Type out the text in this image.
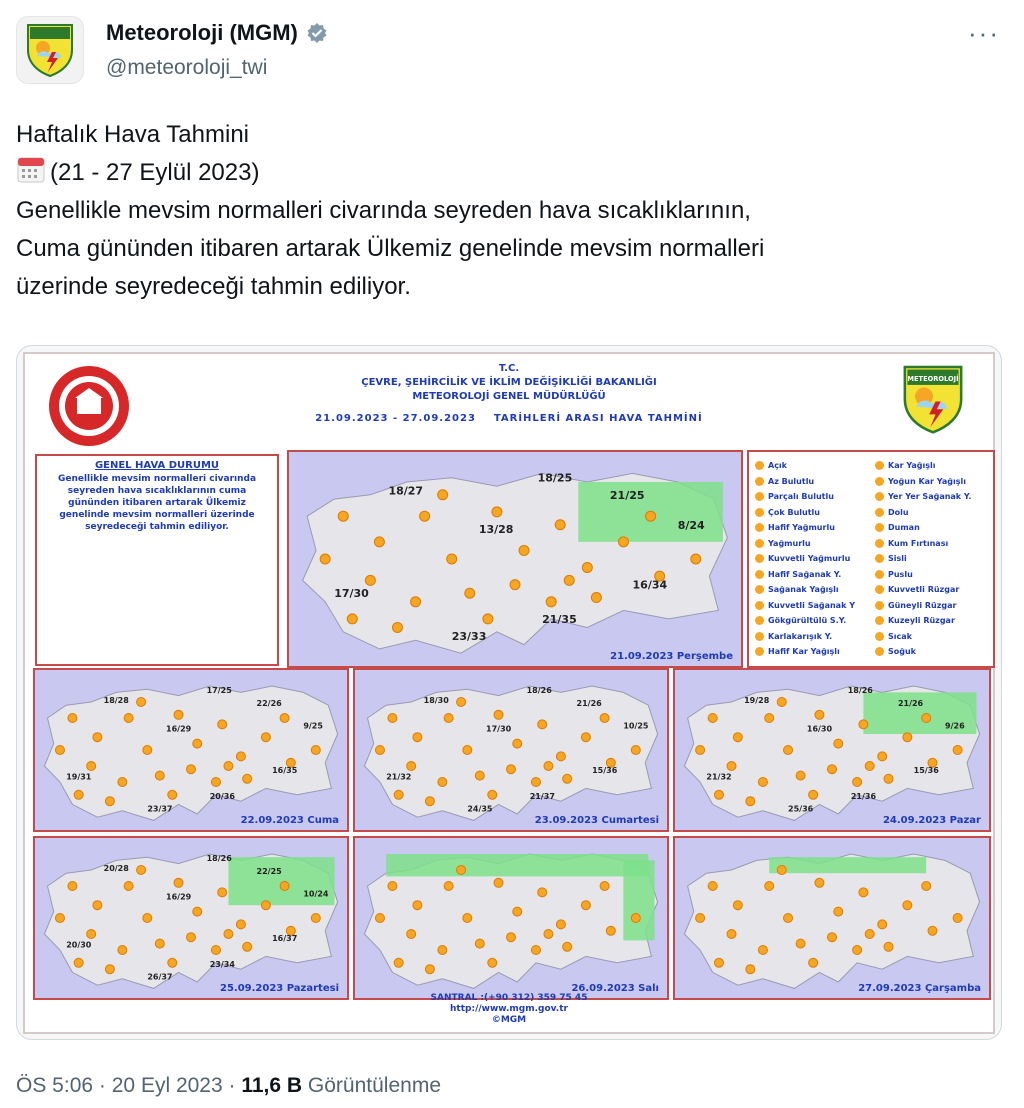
Meteoroloji (MGM)
@meteoroloji_twi
···
Haftalık Hava Tahmini
(21 - 27 Eylül 2023)
Genellikle mevsim normalleri civarında seyreden hava sıcaklıklarının,
Cuma gününden itibaren artarak Ülkemiz genelinde mevsim normalleri
üzerinde seyredeceği tahmin ediliyor.
T.C.
ÇEVRE, ŞEHİRCİLİK VE İKLİM DEĞİŞİKLİĞİ BAKANLIĞI
METEOROLOJİ GENEL MÜDÜRLÜĞÜ
21.09.2023 - 27.09.2023 TARİHLERİ ARASI HAVA TAHMİNİ
METEOROLOJİ
GENEL HAVA DURUMU
Genellikle mevsim normalleri civarında seyreden hava sıcaklıklarının cuma gününden itibaren artarak Ülkemiz genelinde mevsim normalleri üzerinde seyredeceği tahmin ediliyor.
18/27
18/25
21/25
13/28	8/24
17/30
16/34
21/35
23/33
21.09.2023 Perşembe
Açık
Az Bulutlu
Parçalı Bulutlu
Çok Bulutlu
Hafif Yağmurlu
Yağmurlu
Kuvvetli Yağmurlu
Hafif Sağanak Y.
Sağanak Yağışlı
Kuvvetli Sağanak Y
Gökgürültülü S.Y.
Karlakarışık Y.
Hafif Kar Yağışlı
Kar Yağışlı
Yoğun Kar Yağışlı
Yer Yer Sağanak Y.
Dolu
Duman
Kum Fırtınası
Sisli
Puslu
Kuvvetli Rüzgar
Güneyli Rüzgar
Kuzeyli Rüzgar
Sıcak
Soğuk
18/28
17/25
22/26
16/29	9/25
19/31
16/35
20/36
23/37
22.09.2023 Cuma
18/30
18/26
21/26
17/30	10/25
21/32
15/36
21/37
24/35
23.09.2023 Cumartesi
19/28
18/26
21/26
16/30	9/26
21/32
15/36
21/36
25/36
24.09.2023 Pazar
20/28
18/26
22/25
16/29	10/24
20/30
16/37
23/34
26/37
25.09.2023 Pazartesi	26.09.2023 Salı	27.09.2023 Çarşamba
SANTRAL :(+90 312) 359 75 45
http://www.mgm.gov.tr
©MGM
ÖS 5:06 · 20 Eyl 2023 · 11,6 B Görüntülenme
